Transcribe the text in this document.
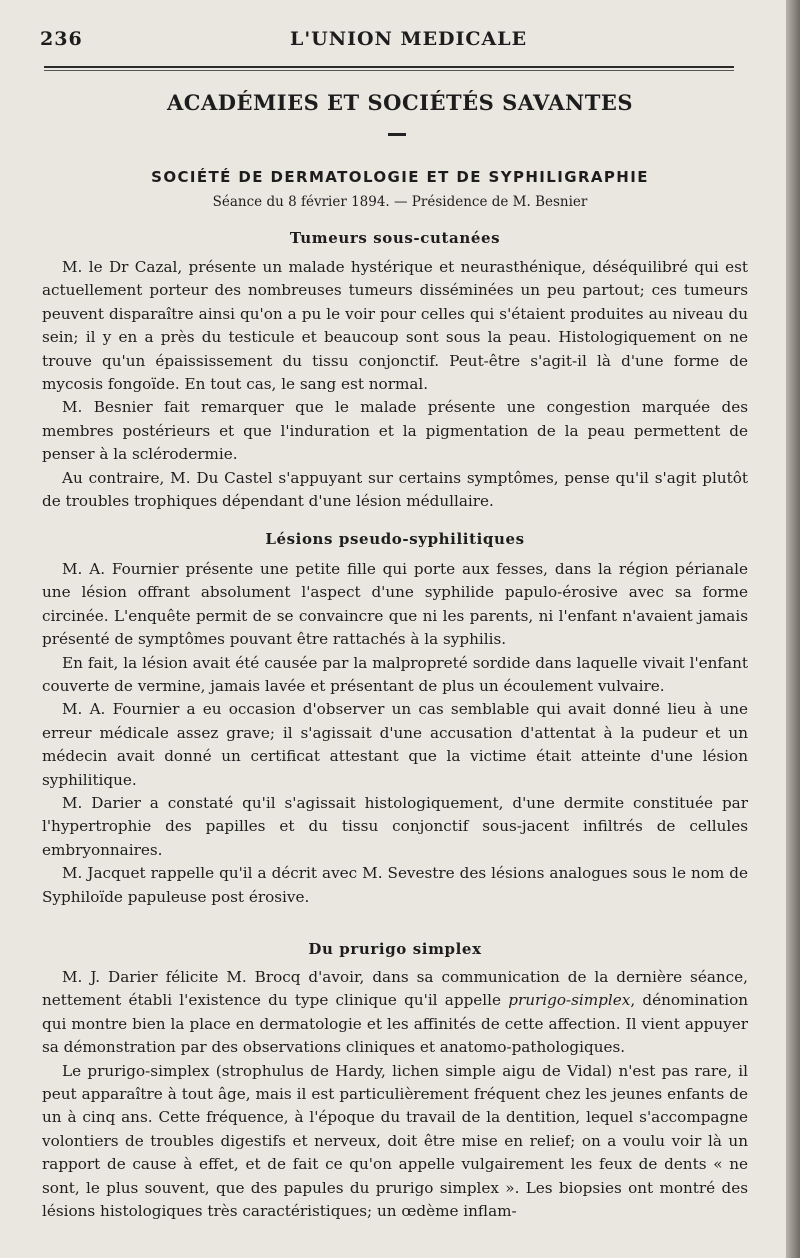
236	L'UNION MEDICALE
ACADÉMIES ET SOCIÉTÉS SAVANTES
SOCIÉTÉ DE DERMATOLOGIE ET DE SYPHILIGRAPHIE
Séance du 8 février 1894. — Présidence de M. Besnier
Tumeurs sous-cutanées

M. le Dr Cazal, présente un malade hystérique et neurasthénique, déséquilibré qui est actuellement porteur des nombreuses tumeurs disséminées un peu partout; ces tumeurs peuvent disparaître ainsi qu'on a pu le voir pour celles qui s'étaient produites au niveau du sein; il y en a près du testicule et beaucoup sont sous la peau. Histologiquement on ne trouve qu'un épaississement du tissu conjonctif. Peut-être s'agit-il là d'une forme de mycosis fongoïde. En tout cas, le sang est normal.

M. Besnier fait remarquer que le malade présente une congestion marquée des membres postérieurs et que l'induration et la pigmentation de la peau permettent de penser à la sclérodermie.

Au contraire, M. Du Castel s'appuyant sur certains symptômes, pense qu'il s'agit plutôt de troubles trophiques dépendant d'une lésion médullaire.

Lésions pseudo-syphilitiques

M. A. Fournier présente une petite fille qui porte aux fesses, dans la région périanale une lésion offrant absolument l'aspect d'une syphilide papulo-érosive avec sa forme circinée. L'enquête permit de se convaincre que ni les parents, ni l'enfant n'avaient jamais présenté de symptômes pouvant être rattachés à la syphilis.

En fait, la lésion avait été causée par la malpropreté sordide dans laquelle vivait l'enfant couverte de vermine, jamais lavée et présentant de plus un écoulement vulvaire.

M. A. Fournier a eu occasion d'observer un cas semblable qui avait donné lieu à une erreur médicale assez grave; il s'agissait d'une accusation d'attentat à la pudeur et un médecin avait donné un certificat attestant que la victime était atteinte d'une lésion syphilitique.

M. Darier a constaté qu'il s'agissait histologiquement, d'une dermite constituée par l'hypertrophie des papilles et du tissu conjonctif sous-jacent infiltrés de cellules embryonnaires.

M. Jacquet rappelle qu'il a décrit avec M. Sevestre des lésions analogues sous le nom de Syphiloïde papuleuse post érosive.

Du prurigo simplex

M. J. Darier félicite M. Brocq d'avoir, dans sa communication de la dernière séance, nettement établi l'existence du type clinique qu'il appelle prurigo-simplex, dénomination qui montre bien la place en dermatologie et les affinités de cette affection. Il vient appuyer sa démonstration par des observations cliniques et anatomo-pathologiques.

Le prurigo-simplex (strophulus de Hardy, lichen simple aigu de Vidal) n'est pas rare, il peut apparaître à tout âge, mais il est particulièrement fréquent chez les jeunes enfants de un à cinq ans. Cette fréquence, à l'époque du travail de la dentition, lequel s'accompagne volontiers de troubles digestifs et nerveux, doit être mise en relief; on a voulu voir là un rapport de cause à effet, et de fait ce qu'on appelle vulgairement les feux de dents « ne sont, le plus souvent, que des papules du prurigo simplex ». Les biopsies ont montré des lésions histologiques très caractéristiques; un œdème inflam-
